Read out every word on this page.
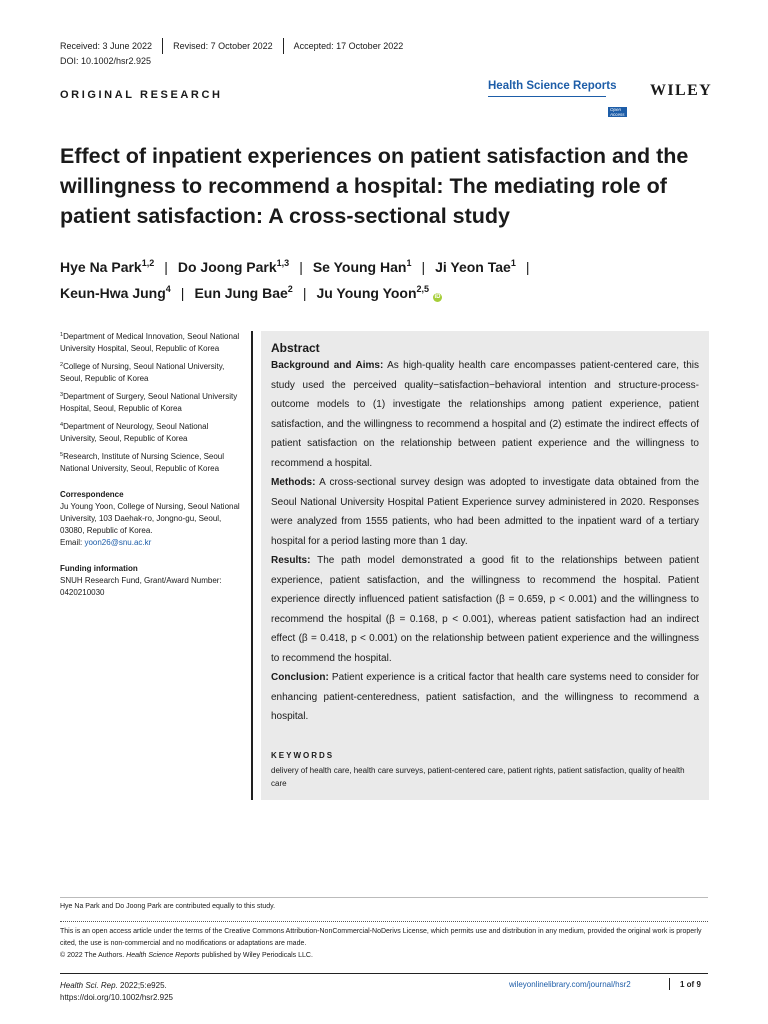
Received: 3 June 2022	Revised: 7 October 2022	Accepted: 17 October 2022
DOI: 10.1002/hsr2.925
ORIGINAL RESEARCH
Health Science Reports
Open Access
WILEY
Effect of inpatient experiences on patient satisfaction and the willingness to recommend a hospital: The mediating role of patient satisfaction: A cross-sectional study
Hye Na Park$^{1,2}$ | Do Joong Park$^{1,3}$ | Se Young Han$^1$ | Ji Yeon Tae$^1$ |
Keun-Hwa Jung$^4$ | Eun Jung Bae$^2$ | Ju Young Yoon$^{2,5}$ iD
$^1$Department of Medical Innovation, Seoul National University Hospital, Seoul, Republic of Korea
$^2$College of Nursing, Seoul National University, Seoul, Republic of Korea
$^3$Department of Surgery, Seoul National University Hospital, Seoul, Republic of Korea
$^4$Department of Neurology, Seoul National University, Seoul, Republic of Korea
$^5$Research, Institute of Nursing Science, Seoul National University, Seoul, Republic of Korea
Correspondence
Ju Young Yoon, College of Nursing, Seoul National University, 103 Daehak-ro, Jongno-gu, Seoul, 03080, Republic of Korea.
Email: yoon26@snu.ac.kr
Funding information
SNUH Research Fund, Grant/Award Number: 0420210030
Abstract
Background and Aims: As high-quality health care encompasses patient-centered care, this study used the perceived quality−satisfaction−behavioral intention and structure-process-outcome models to (1) investigate the relationships among patient experience, patient satisfaction, and the willingness to recommend a hospital and (2) estimate the indirect effects of patient satisfaction on the relationship between patient experience and the willingness to recommend a hospital.
Methods: A cross-sectional survey design was adopted to investigate data obtained from the Seoul National University Hospital Patient Experience survey administered in 2020. Responses were analyzed from 1555 patients, who had been admitted to the inpatient ward of a tertiary hospital for a period lasting more than 1 day.
Results: The path model demonstrated a good fit to the relationships between patient experience, patient satisfaction, and the willingness to recommend the hospital. Patient experience directly influenced patient satisfaction (β = 0.659, p < 0.001) and the willingness to recommend the hospital (β = 0.168, p < 0.001), whereas patient satisfaction had an indirect effect (β = 0.418, p < 0.001) on the relationship between patient experience and the willingness to recommend the hospital.
Conclusion: Patient experience is a critical factor that health care systems need to consider for enhancing patient-centeredness, patient satisfaction, and the willingness to recommend a hospital.
KEYWORDS
delivery of health care, health care surveys, patient-centered care, patient rights, patient satisfaction, quality of health care
Hye Na Park and Do Joong Park are contributed equally to this study.
This is an open access article under the terms of the Creative Commons Attribution-NonCommercial-NoDerivs License, which permits use and distribution in any medium, provided the original work is properly cited, the use is non-commercial and no modifications or adaptations are made.
© 2022 The Authors. Health Science Reports published by Wiley Periodicals LLC.
Health Sci. Rep. 2022;5:e925.
https://doi.org/10.1002/hsr2.925
wileyonlinelibrary.com/journal/hsr2	1 of 9
